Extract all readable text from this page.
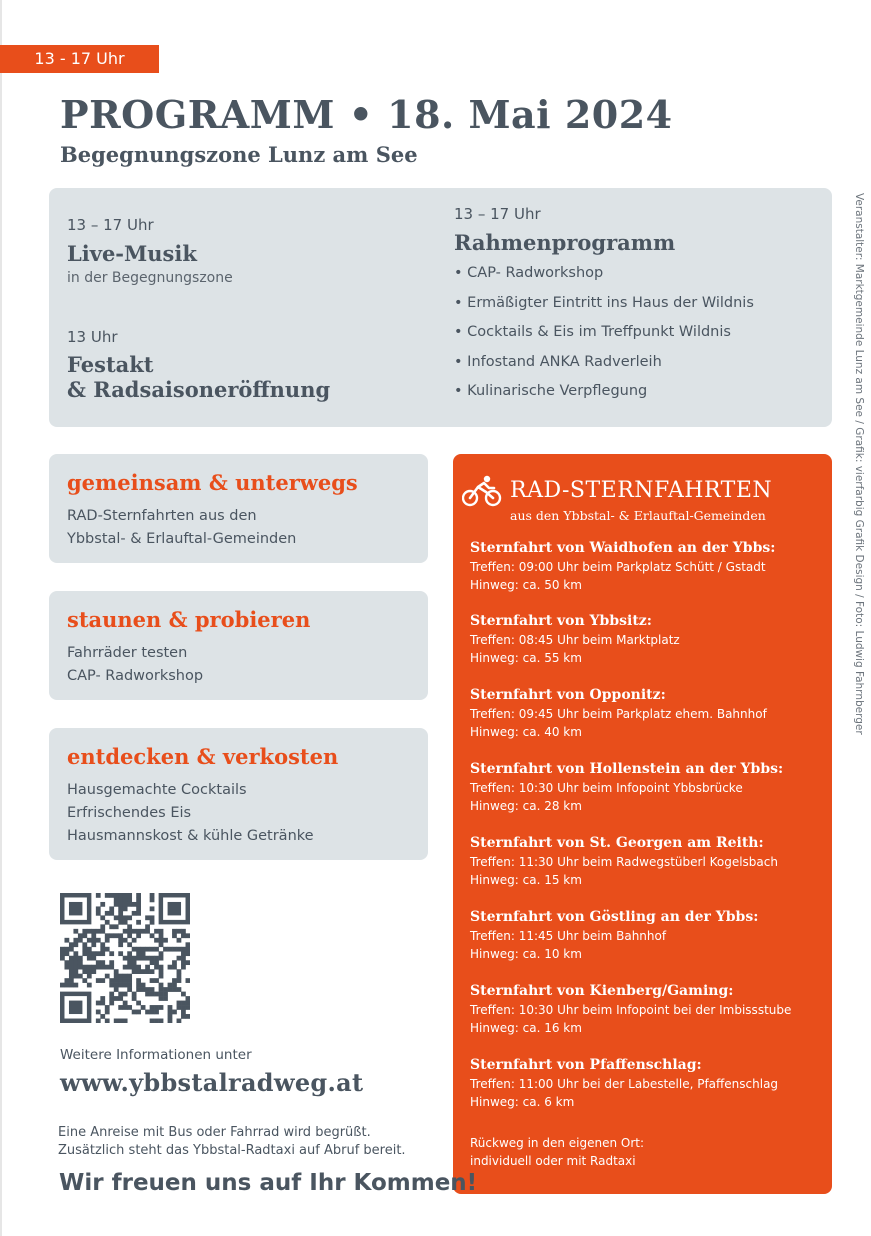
13 - 17 Uhr
PROGRAMM • 18. Mai 2024
Begegnungszone Lunz am See
Veranstalter: Marktgemeinde Lunz am See / Grafik: vierfarbig Grafik Design / Foto: Ludwig Fahrnberger
13 – 17 Uhr
Live-Musik
in der Begegnungszone
13 Uhr
Festakt
& Radsaisoneröffnung
13 – 17 Uhr
Rahmenprogramm
• CAP- Radworkshop
• Ermäßigter Eintritt ins Haus der Wildnis
• Cocktails & Eis im Treffpunkt Wildnis
• Infostand ANKA Radverleih
• Kulinarische Verpflegung
gemeinsam & unterwegs
RAD-Sternfahrten aus den
Ybbstal- & Erlauftal-Gemeinden
staunen & probieren
Fahrräder testen
CAP- Radworkshop
entdecken & verkosten
Hausgemachte Cocktails
Erfrischendes Eis
Hausmannskost & kühle Getränke
RAD-STERNFAHRTEN
aus den Ybbstal- & Erlauftal-Gemeinden
Sternfahrt von Waidhofen an der Ybbs:
Treffen: 09:00 Uhr beim Parkplatz Schütt / Gstadt
Hinweg: ca. 50 km
Sternfahrt von Ybbsitz:
Treffen: 08:45 Uhr beim Marktplatz
Hinweg: ca. 55 km
Sternfahrt von Opponitz:
Treffen: 09:45 Uhr beim Parkplatz ehem. Bahnhof
Hinweg: ca. 40 km
Sternfahrt von Hollenstein an der Ybbs:
Treffen: 10:30 Uhr beim Infopoint Ybbsbrücke
Hinweg: ca. 28 km
Sternfahrt von St. Georgen am Reith:
Treffen: 11:30 Uhr beim Radwegstüberl Kogelsbach
Hinweg: ca. 15 km
Sternfahrt von Göstling an der Ybbs:
Treffen: 11:45 Uhr beim Bahnhof
Hinweg: ca. 10 km
Sternfahrt von Kienberg/Gaming:
Treffen: 10:30 Uhr beim Infopoint bei der Imbissstube
Hinweg: ca. 16 km
Sternfahrt von Pfaffenschlag:
Treffen: 11:00 Uhr bei der Labestelle, Pfaffenschlag
Hinweg: ca. 6 km
Rückweg in den eigenen Ort:
individuell oder mit Radtaxi
Weitere Informationen unter
www.ybbstalradweg.at
Eine Anreise mit Bus oder Fahrrad wird begrüßt.
Zusätzlich steht das Ybbstal-Radtaxi auf Abruf bereit.
Wir freuen uns auf Ihr Kommen!
